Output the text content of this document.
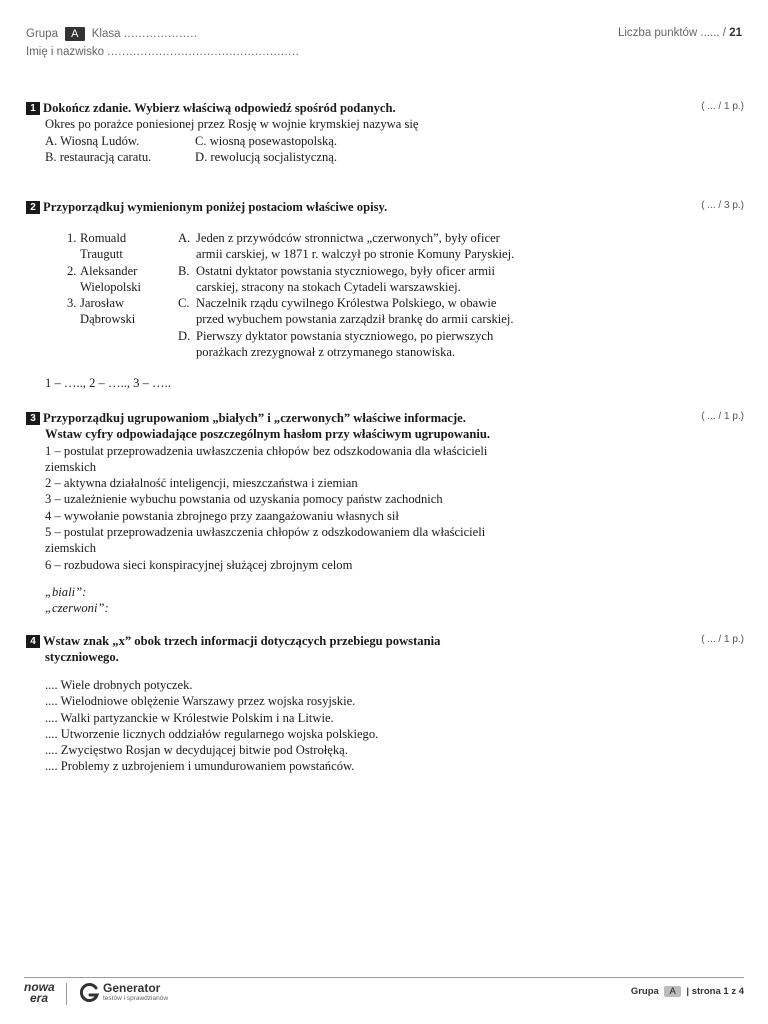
Grupa A Klasa ....................
Imię i nazwisko ....................................................
Liczba punktów ...... / 21
1 Dokończ zdanie. Wybierz właściwą odpowiedź spośród podanych.
Okres po porażce poniesionej przez Rosję w wojnie krymskiej nazywa się
A. Wiosną Ludów.	C. wiosną posewastopolską.
B. restauracją caratu.	D. rewolucją socjalistyczną.
( ... / 1 p.)
2 Przyporządkuj wymienionym poniżej postaciom właściwe opisy.	( ... / 3 p.)
1. Romuald
Traugutt
2. Aleksander
Wielopolski
3. Jarosław
Dąbrowski
A. Jeden z przywódców stronnictwa „czerwonych”, były oficer
armii carskiej, w 1871 r. walczył po stronie Komuny Paryskiej.
B. Ostatni dyktator powstania styczniowego, były oficer armii
carskiej, stracony na stokach Cytadeli warszawskiej.
C. Naczelnik rządu cywilnego Królestwa Polskiego, w obawie
przed wybuchem powstania zarządził brankę do armii carskiej.
D. Pierwszy dyktator powstania styczniowego, po pierwszych
porażkach zrezygnował z otrzymanego stanowiska.
1 – ….., 2 – ….., 3 – …..
3 Przyporządkuj ugrupowaniom „białych” i „czerwonych” właściwe informacje.
Wstaw cyfry odpowiadające poszczególnym hasłom przy właściwym ugrupowaniu.
1 – postulat przeprowadzenia uwłaszczenia chłopów bez odszkodowania dla właścicieli
ziemskich
2 – aktywna działalność inteligencji, mieszczaństwa i ziemian
3 – uzależnienie wybuchu powstania od uzyskania pomocy państw zachodnich
4 – wywołanie powstania zbrojnego przy zaangażowaniu własnych sił
5 – postulat przeprowadzenia uwłaszczenia chłopów z odszkodowaniem dla właścicieli
ziemskich
6 – rozbudowa sieci konspiracyjnej służącej zbrojnym celom
( ... / 1 p.)
„biali”:
„czerwoni”:
4 Wstaw znak „x” obok trzech informacji dotyczących przebiegu powstania
styczniowego.
( ... / 1 p.)
.... Wiele drobnych potyczek.
.... Wielodniowe oblężenie Warszawy przez wojska rosyjskie.
.... Walki partyzanckie w Królestwie Polskim i na Litwie.
.... Utworzenie licznych oddziałów regularnego wojska polskiego.
.... Zwycięstwo Rosjan w decydującej bitwie pod Ostrołęką.
.... Problemy z uzbrojeniem i umundurowaniem powstańców.
nowa
era
Generator
testów i sprawdzianów
Grupa A | strona 1 z 4
